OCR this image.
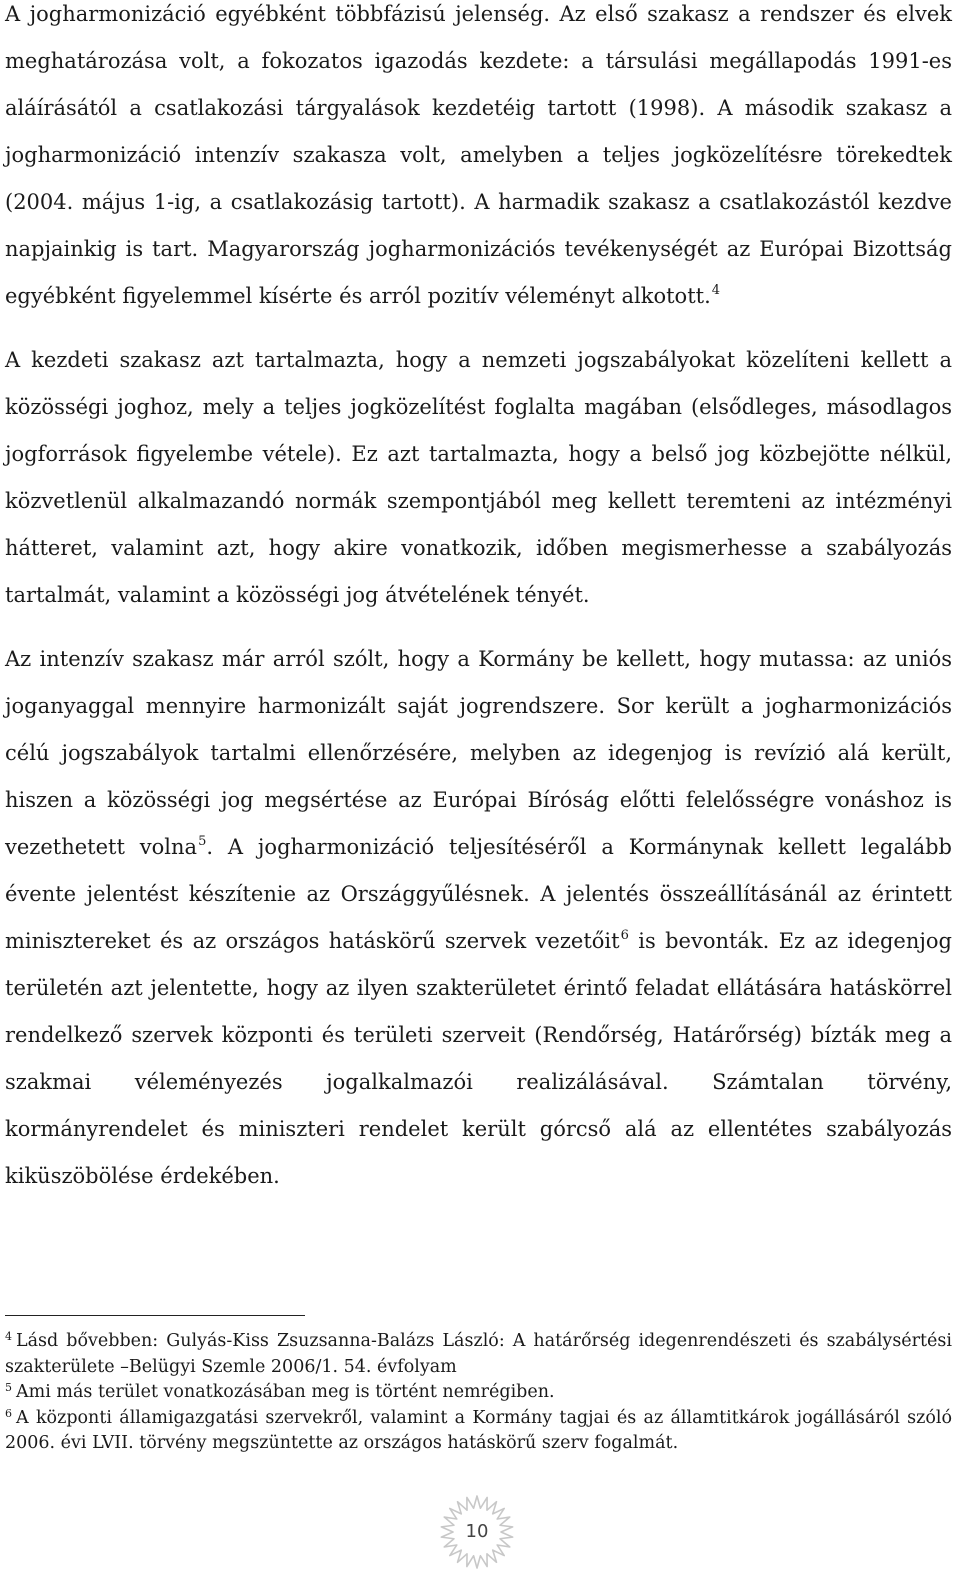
A jogharmonizáció egyébként többfázisú jelenség. Az első szakasz a rendszer és elvek meghatározása volt, a fokozatos igazodás kezdete: a társulási megállapodás 1991-es aláírásától a csatlakozási tárgyalások kezdetéig tartott (1998). A második szakasz a jogharmonizáció intenzív szakasza volt, amelyben a teljes jogközelítésre törekedtek (2004. május 1-ig, a csatlakozásig tartott). A harmadik szakasz a csatlakozástól kezdve napjainkig is tart. Magyarország jogharmonizációs tevékenységét az Európai Bizottság egyébként figyelemmel kísérte és arról pozitív véleményt alkotott.$^4$

A kezdeti szakasz azt tartalmazta, hogy a nemzeti jogszabályokat közelíteni kellett a közösségi joghoz, mely a teljes jogközelítést foglalta magában (elsődleges, másodlagos jogforrások figyelembe vétele). Ez azt tartalmazta, hogy a belső jog közbejötte nélkül, közvetlenül alkalmazandó normák szempontjából meg kellett teremteni az intézményi hátteret, valamint azt, hogy akire vonatkozik, időben megismerhesse a szabályozás tartalmát, valamint a közösségi jog átvételének tényét.

Az intenzív szakasz már arról szólt, hogy a Kormány be kellett, hogy mutassa: az uniós joganyaggal mennyire harmonizált saját jogrendszere. Sor került a jogharmonizációs célú jogszabályok tartalmi ellenőrzésére, melyben az idegenjog is revízió alá került, hiszen a közösségi jog megsértése az Európai Bíróság előtti felelősségre vonáshoz is vezethetett volna$^5$. A jogharmonizáció teljesítéséről a Kormánynak kellett legalább évente jelentést készítenie az Országgyűlésnek. A jelentés összeállításánál az érintett minisztereket és az országos hatáskörű szervek vezetőit$^6$ is bevonták. Ez az idegenjog területén azt jelentette, hogy az ilyen szakterületet érintő feladat ellátására hatáskörrel rendelkező szervek központi és területi szerveit (Rendőrség, Határőrség) bízták meg a szakmai véleményezés jogalkalmazói realizálásával. Számtalan törvény, kormányrendelet és miniszteri rendelet került górcső alá az ellentétes szabályozás kiküszöbölése érdekében.

$^4$ Lásd bővebben: Gulyás-Kiss Zsuzsanna-Balázs László: A határőrség idegenrendészeti és szabálysértési szakterülete –Belügyi Szemle 2006/1. 54. évfolyam

$^5$ Ami más terület vonatkozásában meg is történt nemrégiben.

$^6$ A központi államigazgatási szervekről, valamint a Kormány tagjai és az államtitkárok jogállásáról szóló 2006. évi LVII. törvény megszüntette az országos hatáskörű szerv fogalmát.

10
